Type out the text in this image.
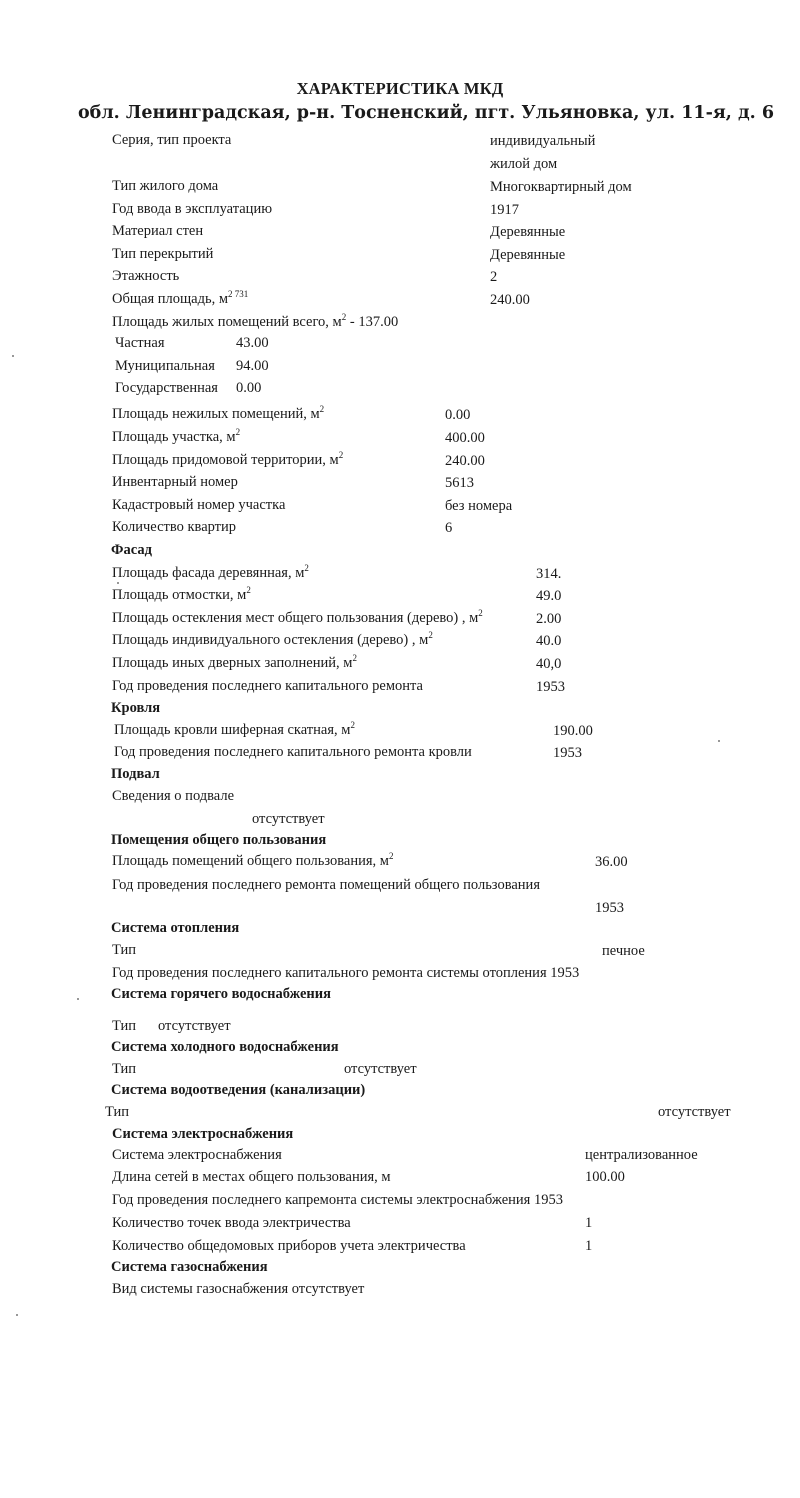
ХАРАКТЕРИСТИКА МКД
обл. Ленинградская, р-н. Тосненский, пгт. Ульяновка, ул. 11-я, д. 6
Серия, тип проекта	индивидуальный
жилой дом
Тип жилого дома	Многоквартирный дом
Год ввода в эксплуатацию	1917
Материал стен	Деревянные
Тип перекрытий	Деревянные
Этажность	2
Общая площадь, $м^{2 731}$	240.00
Площадь жилых помещений всего, $м^2 - 137.00$
Частная	43.00
Муниципальная 94.00
Государственная 0.00
Площадь нежилых помещений, $м^2$	0.00
Площадь участка, $м^2$	400.00
Площадь придомовой территории, $м^2$	240.00
Инвентарный номер	5613
Кадастровый номер участка	без номера
Количество квартир	6
Фасад
Площадь фасада деревянная, $м^2$	314.
Площадь отмостки, $м^2$	49.0
Площадь остекления мест общего пользования (дерево) , $м^2$	2.00
Площадь индивидуального остекления (дерево) , $м^2$	40.0
Площадь иных дверных заполнений, $м^2$	40,0
Год проведения последнего капитального ремонта	1953
Кровля
Площадь кровли шиферная скатная, $м^2$	190.00
Год проведения последнего капитального ремонта кровли	1953
Подвал
Сведения о подвале
отсутствует
Помещения общего пользования
Площадь помещений общего пользования, $м^2$	36.00
Год проведения последнего ремонта помещений общего пользования
1953
Система отопления
Тип	печное
Год проведения последнего капитального ремонта системы отопления 1953
Система горячего водоснабжения
Тип отсутствует
Система холодного водоснабжения
Тип	отсутствует
Система водоотведения (канализации)
Тип	отсутствует
Система электроснабжения
Система электроснабжения	централизованное
Длина сетей в местах общего пользования, м	100.00
Год проведения последнего капремонта системы электроснабжения 1953
Количество точек ввода электричества	1
Количество общедомовых приборов учета электричества	1
Система газоснабжения
Вид системы газоснабжения отсутствует
